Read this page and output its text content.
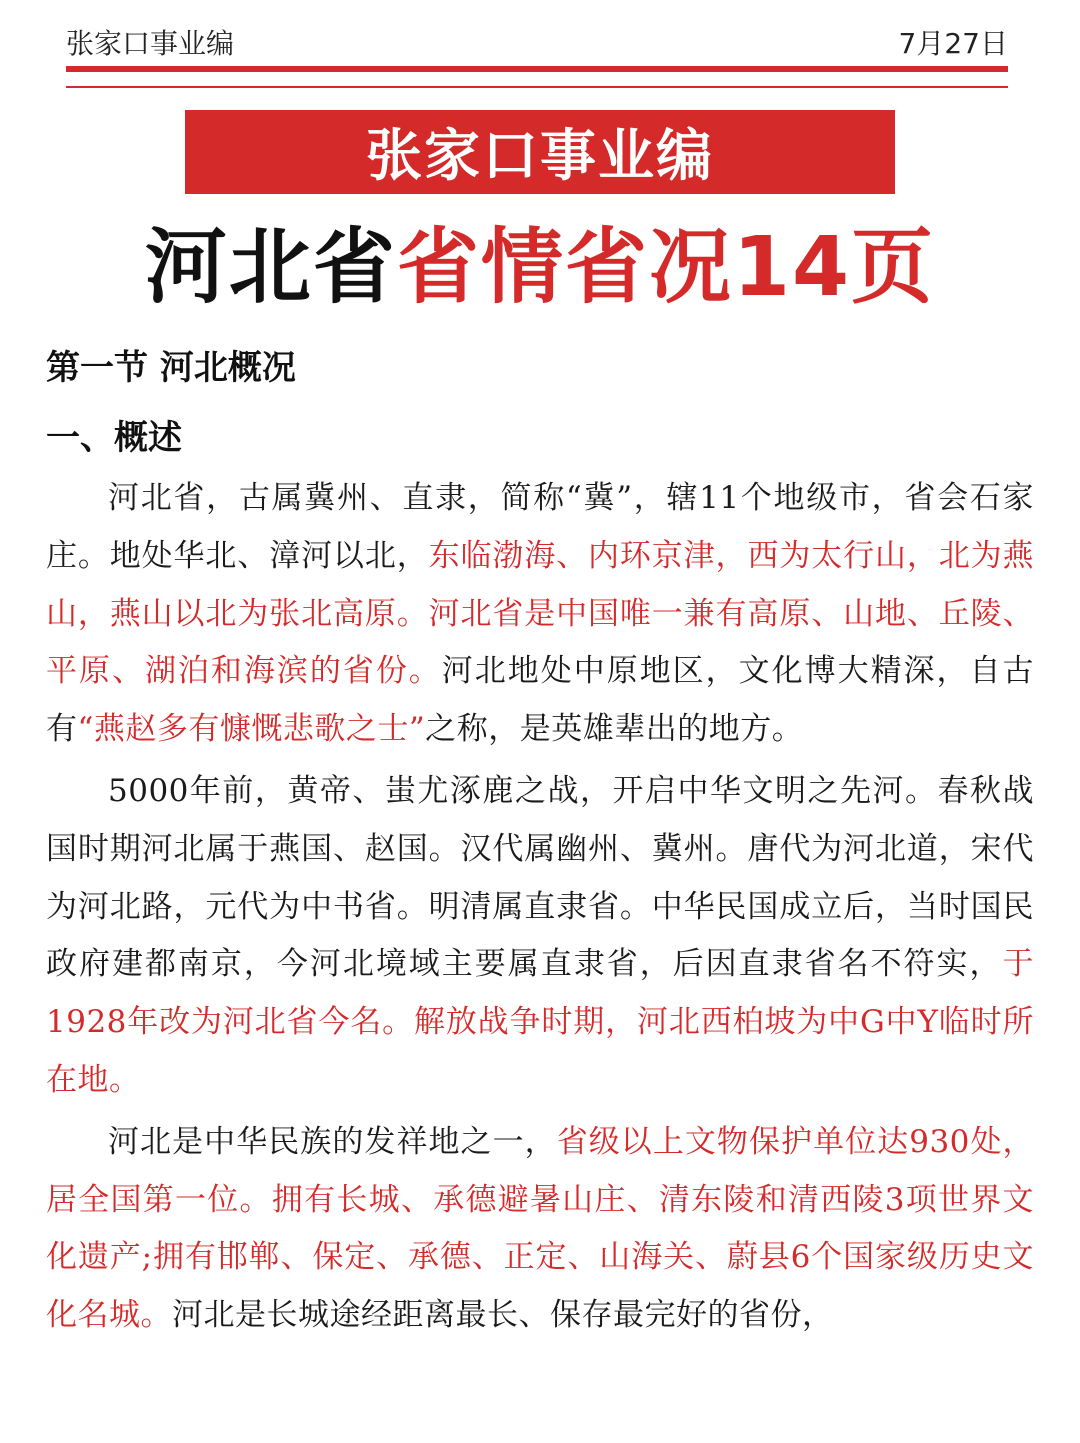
张家口事业编	7月27日
张家口事业编
河北省省情省况14页
第一节 河北概况
一、概述

河北省，古属冀州、直隶，简称“冀”，辖11个地级市，省会石家庄。地处华北、漳河以北，东临渤海、内环京津，西为太行山，北为燕山，燕山以北为张北高原。河北省是中国唯一兼有高原、山地、丘陵、平原、湖泊和海滨的省份。河北地处中原地区，文化博大精深，自古有“燕赵多有慷慨悲歌之士”之称，是英雄辈出的地方。

5000年前，黄帝、蚩尤涿鹿之战，开启中华文明之先河。春秋战国时期河北属于燕国、赵国。汉代属幽州、冀州。唐代为河北道，宋代为河北路，元代为中书省。明清属直隶省。中华民国成立后，当时国民政府建都南京，今河北境域主要属直隶省，后因直隶省名不符实，于1928年改为河北省今名。解放战争时期，河北西柏坡为中G中Y临时所在地。

河北是中华民族的发祥地之一，省级以上文物保护单位达930处，居全国第一位。拥有长城、承德避暑山庄、清东陵和清西陵3项世界文化遗产;拥有邯郸、保定、承德、正定、山海关、蔚县6个国家级历史文化名城。河北是长城途经距离最长、保存最完好的省份，
